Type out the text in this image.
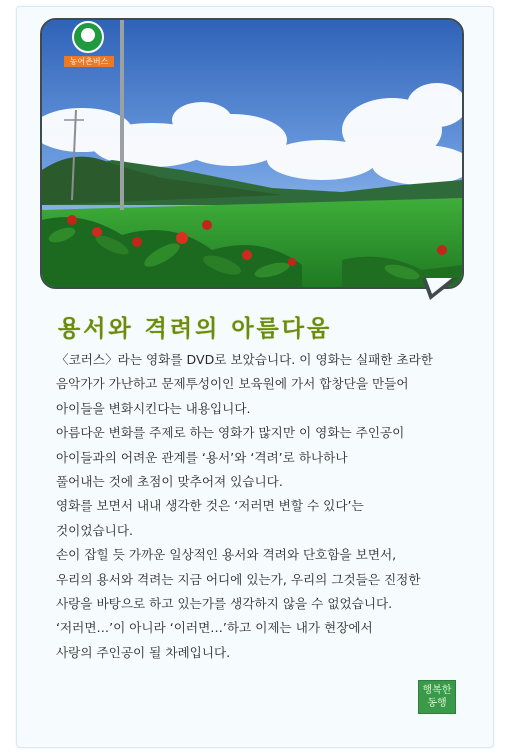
농어촌버스
용서와 격려의 아름다움
〈코러스〉라는 영화를 DVD로 보았습니다. 이 영화는 실패한 초라한
음악가가 가난하고 문제투성이인 보육원에 가서 합창단을 만들어
아이들을 변화시킨다는 내용입니다.
아름다운 변화를 주제로 하는 영화가 많지만 이 영화는 주인공이
아이들과의 어려운 관계를 ‘용서’와 ‘격려’로 하나하나
풀어내는 것에 초점이 맞추어져 있습니다.
영화를 보면서 내내 생각한 것은 ‘저러면 변할 수 있다’는
것이었습니다.
손이 잡힐 듯 가까운 일상적인 용서와 격려와 단호함을 보면서,
우리의 용서와 격려는 지금 어디에 있는가, 우리의 그것들은 진정한
사랑을 바탕으로 하고 있는가를 생각하지 않을 수 없었습니다.
‘저러면…’이 아니라 ‘이러면…’하고 이제는 내가 현장에서
사랑의 주인공이 될 차례입니다.
행복한
동행
